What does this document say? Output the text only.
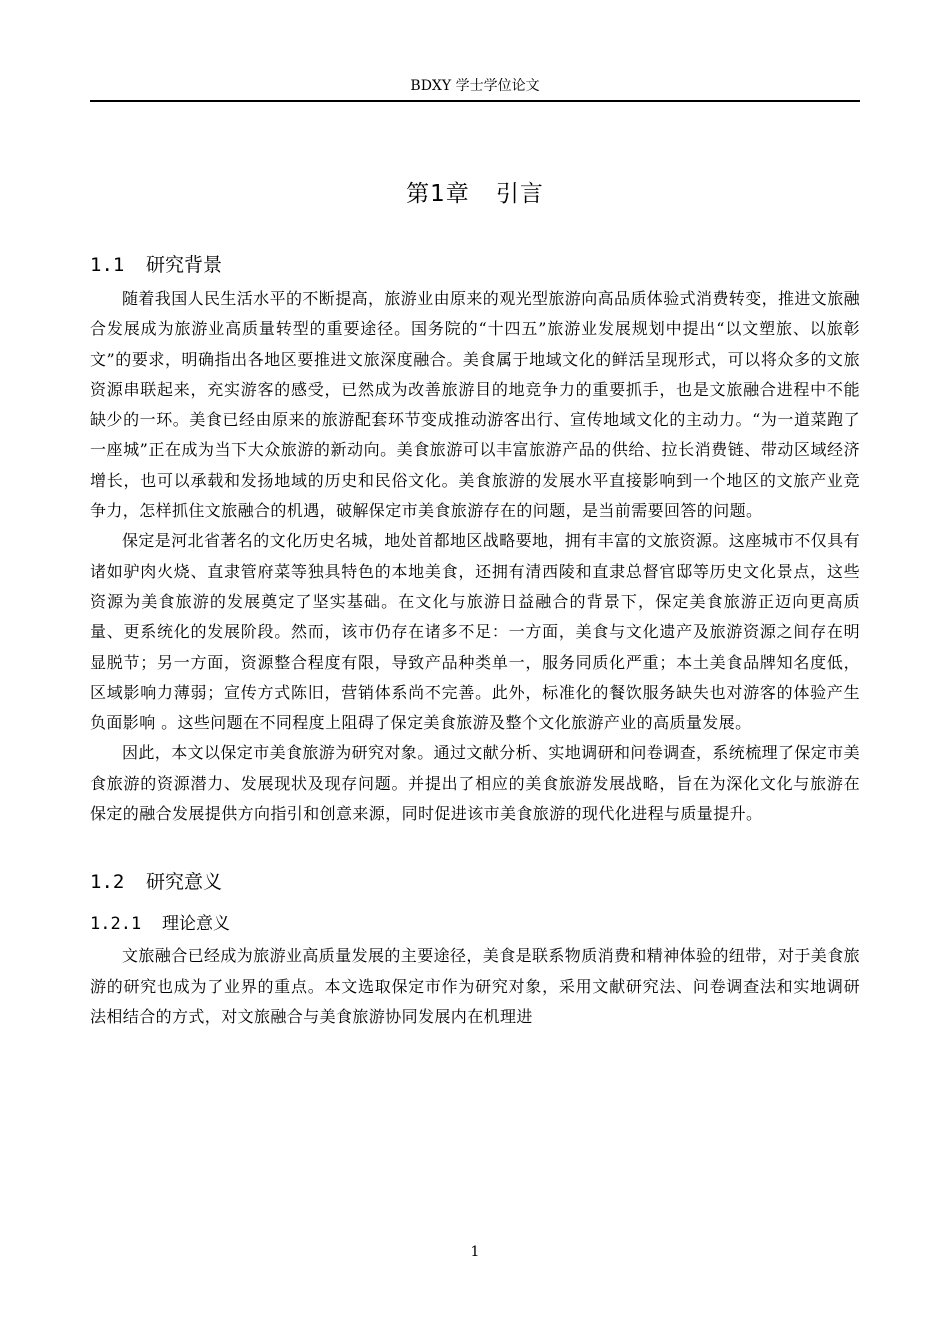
BDXY 学士学位论文
第1章 引言
1.1 研究背景

随着我国人民生活水平的不断提高，旅游业由原来的观光型旅游向高品质体验式消费转变，推进文旅融合发展成为旅游业高质量转型的重要途径。国务院的“十四五”旅游业发展规划中提出“以文塑旅、以旅彰文”的要求，明确指出各地区要推进文旅深度融合。美食属于地域文化的鲜活呈现形式，可以将众多的文旅资源串联起来，充实游客的感受，已然成为改善旅游目的地竞争力的重要抓手，也是文旅融合进程中不能缺少的一环。美食已经由原来的旅游配套环节变成推动游客出行、宣传地域文化的主动力。“为一道菜跑了一座城”正在成为当下大众旅游的新动向。美食旅游可以丰富旅游产品的供给、拉长消费链、带动区域经济增长，也可以承载和发扬地域的历史和民俗文化。美食旅游的发展水平直接影响到一个地区的文旅产业竞争力，怎样抓住文旅融合的机遇，破解保定市美食旅游存在的问题，是当前需要回答的问题。

保定是河北省著名的文化历史名城，地处首都地区战略要地，拥有丰富的文旅资源。这座城市不仅具有诸如驴肉火烧、直隶管府菜等独具特色的本地美食，还拥有清西陵和直隶总督官邸等历史文化景点，这些资源为美食旅游的发展奠定了坚实基础。在文化与旅游日益融合的背景下，保定美食旅游正迈向更高质量、更系统化的发展阶段。然而，该市仍存在诸多不足：一方面，美食与文化遗产及旅游资源之间存在明显脱节；另一方面，资源整合程度有限，导致产品种类单一，服务同质化严重；本土美食品牌知名度低，区域影响力薄弱；宣传方式陈旧，营销体系尚不完善。此外，标准化的餐饮服务缺失也对游客的体验产生负面影响 。这些问题在不同程度上阻碍了保定美食旅游及整个文化旅游产业的高质量发展。

因此，本文以保定市美食旅游为研究对象。通过文献分析、实地调研和问卷调查，系统梳理了保定市美食旅游的资源潜力、发展现状及现存问题。并提出了相应的美食旅游发展战略，旨在为深化文化与旅游在保定的融合发展提供方向指引和创意来源，同时促进该市美食旅游的现代化进程与质量提升。

1.2 研究意义
1.2.1 理论意义

文旅融合已经成为旅游业高质量发展的主要途径，美食是联系物质消费和精神体验的纽带，对于美食旅游的研究也成为了业界的重点。本文选取保定市作为研究对象，采用文献研究法、问卷调查法和实地调研法相结合的方式，对文旅融合与美食旅游协同发展内在机理进

1
